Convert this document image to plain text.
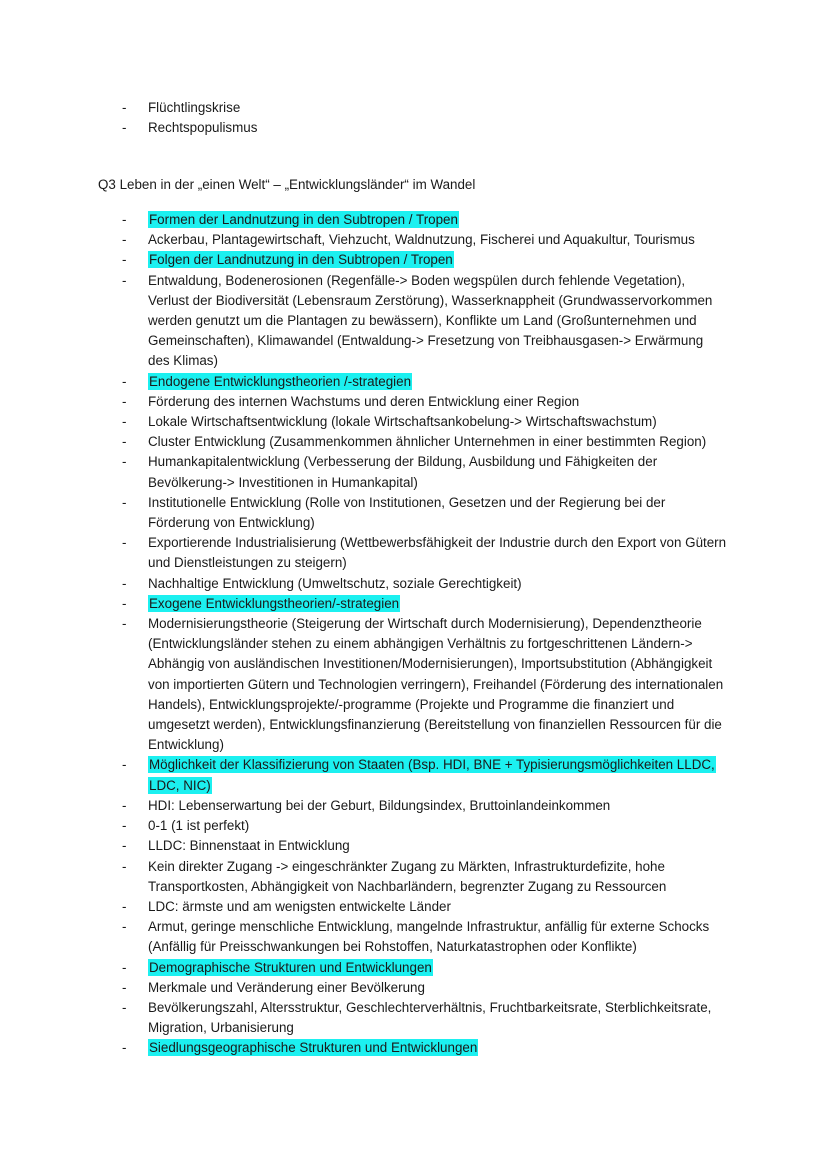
- Flüchtlingskrise
- Rechtspopulismus
Q3 Leben in der „einen Welt“ – „Entwicklungsländer“ im Wandel
- Formen der Landnutzung in den Subtropen / Tropen
- Ackerbau, Plantagewirtschaft, Viehzucht, Waldnutzung, Fischerei und Aquakultur, Tourismus
- Folgen der Landnutzung in den Subtropen / Tropen
- Entwaldung, Bodenerosionen (Regenfälle-> Boden wegspülen durch fehlende Vegetation), Verlust der Biodiversität (Lebensraum Zerstörung), Wasserknappheit (Grundwasservorkommen werden genutzt um die Plantagen zu bewässern), Konflikte um Land (Großunternehmen und Gemeinschaften), Klimawandel (Entwaldung-> Fresetzung von Treibhausgasen-> Erwärmung des Klimas)
- Endogene Entwicklungstheorien /-strategien
- Förderung des internen Wachstums und deren Entwicklung einer Region
- Lokale Wirtschaftsentwicklung (lokale Wirtschaftsankobelung-> Wirtschaftswachstum)
- Cluster Entwicklung (Zusammenkommen ähnlicher Unternehmen in einer bestimmten Region)
- Humankapitalentwicklung (Verbesserung der Bildung, Ausbildung und Fähigkeiten der Bevölkerung-> Investitionen in Humankapital)
- Institutionelle Entwicklung (Rolle von Institutionen, Gesetzen und der Regierung bei der Förderung von Entwicklung)
- Exportierende Industrialisierung (Wettbewerbsfähigkeit der Industrie durch den Export von Gütern und Dienstleistungen zu steigern)
- Nachhaltige Entwicklung (Umweltschutz, soziale Gerechtigkeit)
- Exogene Entwicklungstheorien/-strategien
- Modernisierungstheorie (Steigerung der Wirtschaft durch Modernisierung), Dependenztheorie (Entwicklungsländer stehen zu einem abhängigen Verhältnis zu fortgeschrittenen Ländern-> Abhängig von ausländischen Investitionen/Modernisierungen), Importsubstitution (Abhängigkeit von importierten Gütern und Technologien verringern), Freihandel (Förderung des internationalen Handels), Entwicklungsprojekte/-programme (Projekte und Programme die finanziert und umgesetzt werden), Entwicklungsfinanzierung (Bereitstellung von finanziellen Ressourcen für die Entwicklung)
- Möglichkeit der Klassifizierung von Staaten (Bsp. HDI, BNE + Typisierungsmöglichkeiten LLDC, LDC, NIC)
- HDI: Lebenserwartung bei der Geburt, Bildungsindex, Bruttoinlandeinkommen
- 0-1 (1 ist perfekt)
- LLDC: Binnenstaat in Entwicklung
- Kein direkter Zugang -> eingeschränkter Zugang zu Märkten, Infrastrukturdefizite, hohe Transportkosten, Abhängigkeit von Nachbarländern, begrenzter Zugang zu Ressourcen
- LDC: ärmste und am wenigsten entwickelte Länder
- Armut, geringe menschliche Entwicklung, mangelnde Infrastruktur, anfällig für externe Schocks (Anfällig für Preisschwankungen bei Rohstoffen, Naturkatastrophen oder Konflikte)
- Demographische Strukturen und Entwicklungen
- Merkmale und Veränderung einer Bevölkerung
- Bevölkerungszahl, Altersstruktur, Geschlechterverhältnis, Fruchtbarkeitsrate, Sterblichkeitsrate, Migration, Urbanisierung
- Siedlungsgeographische Strukturen und Entwicklungen
